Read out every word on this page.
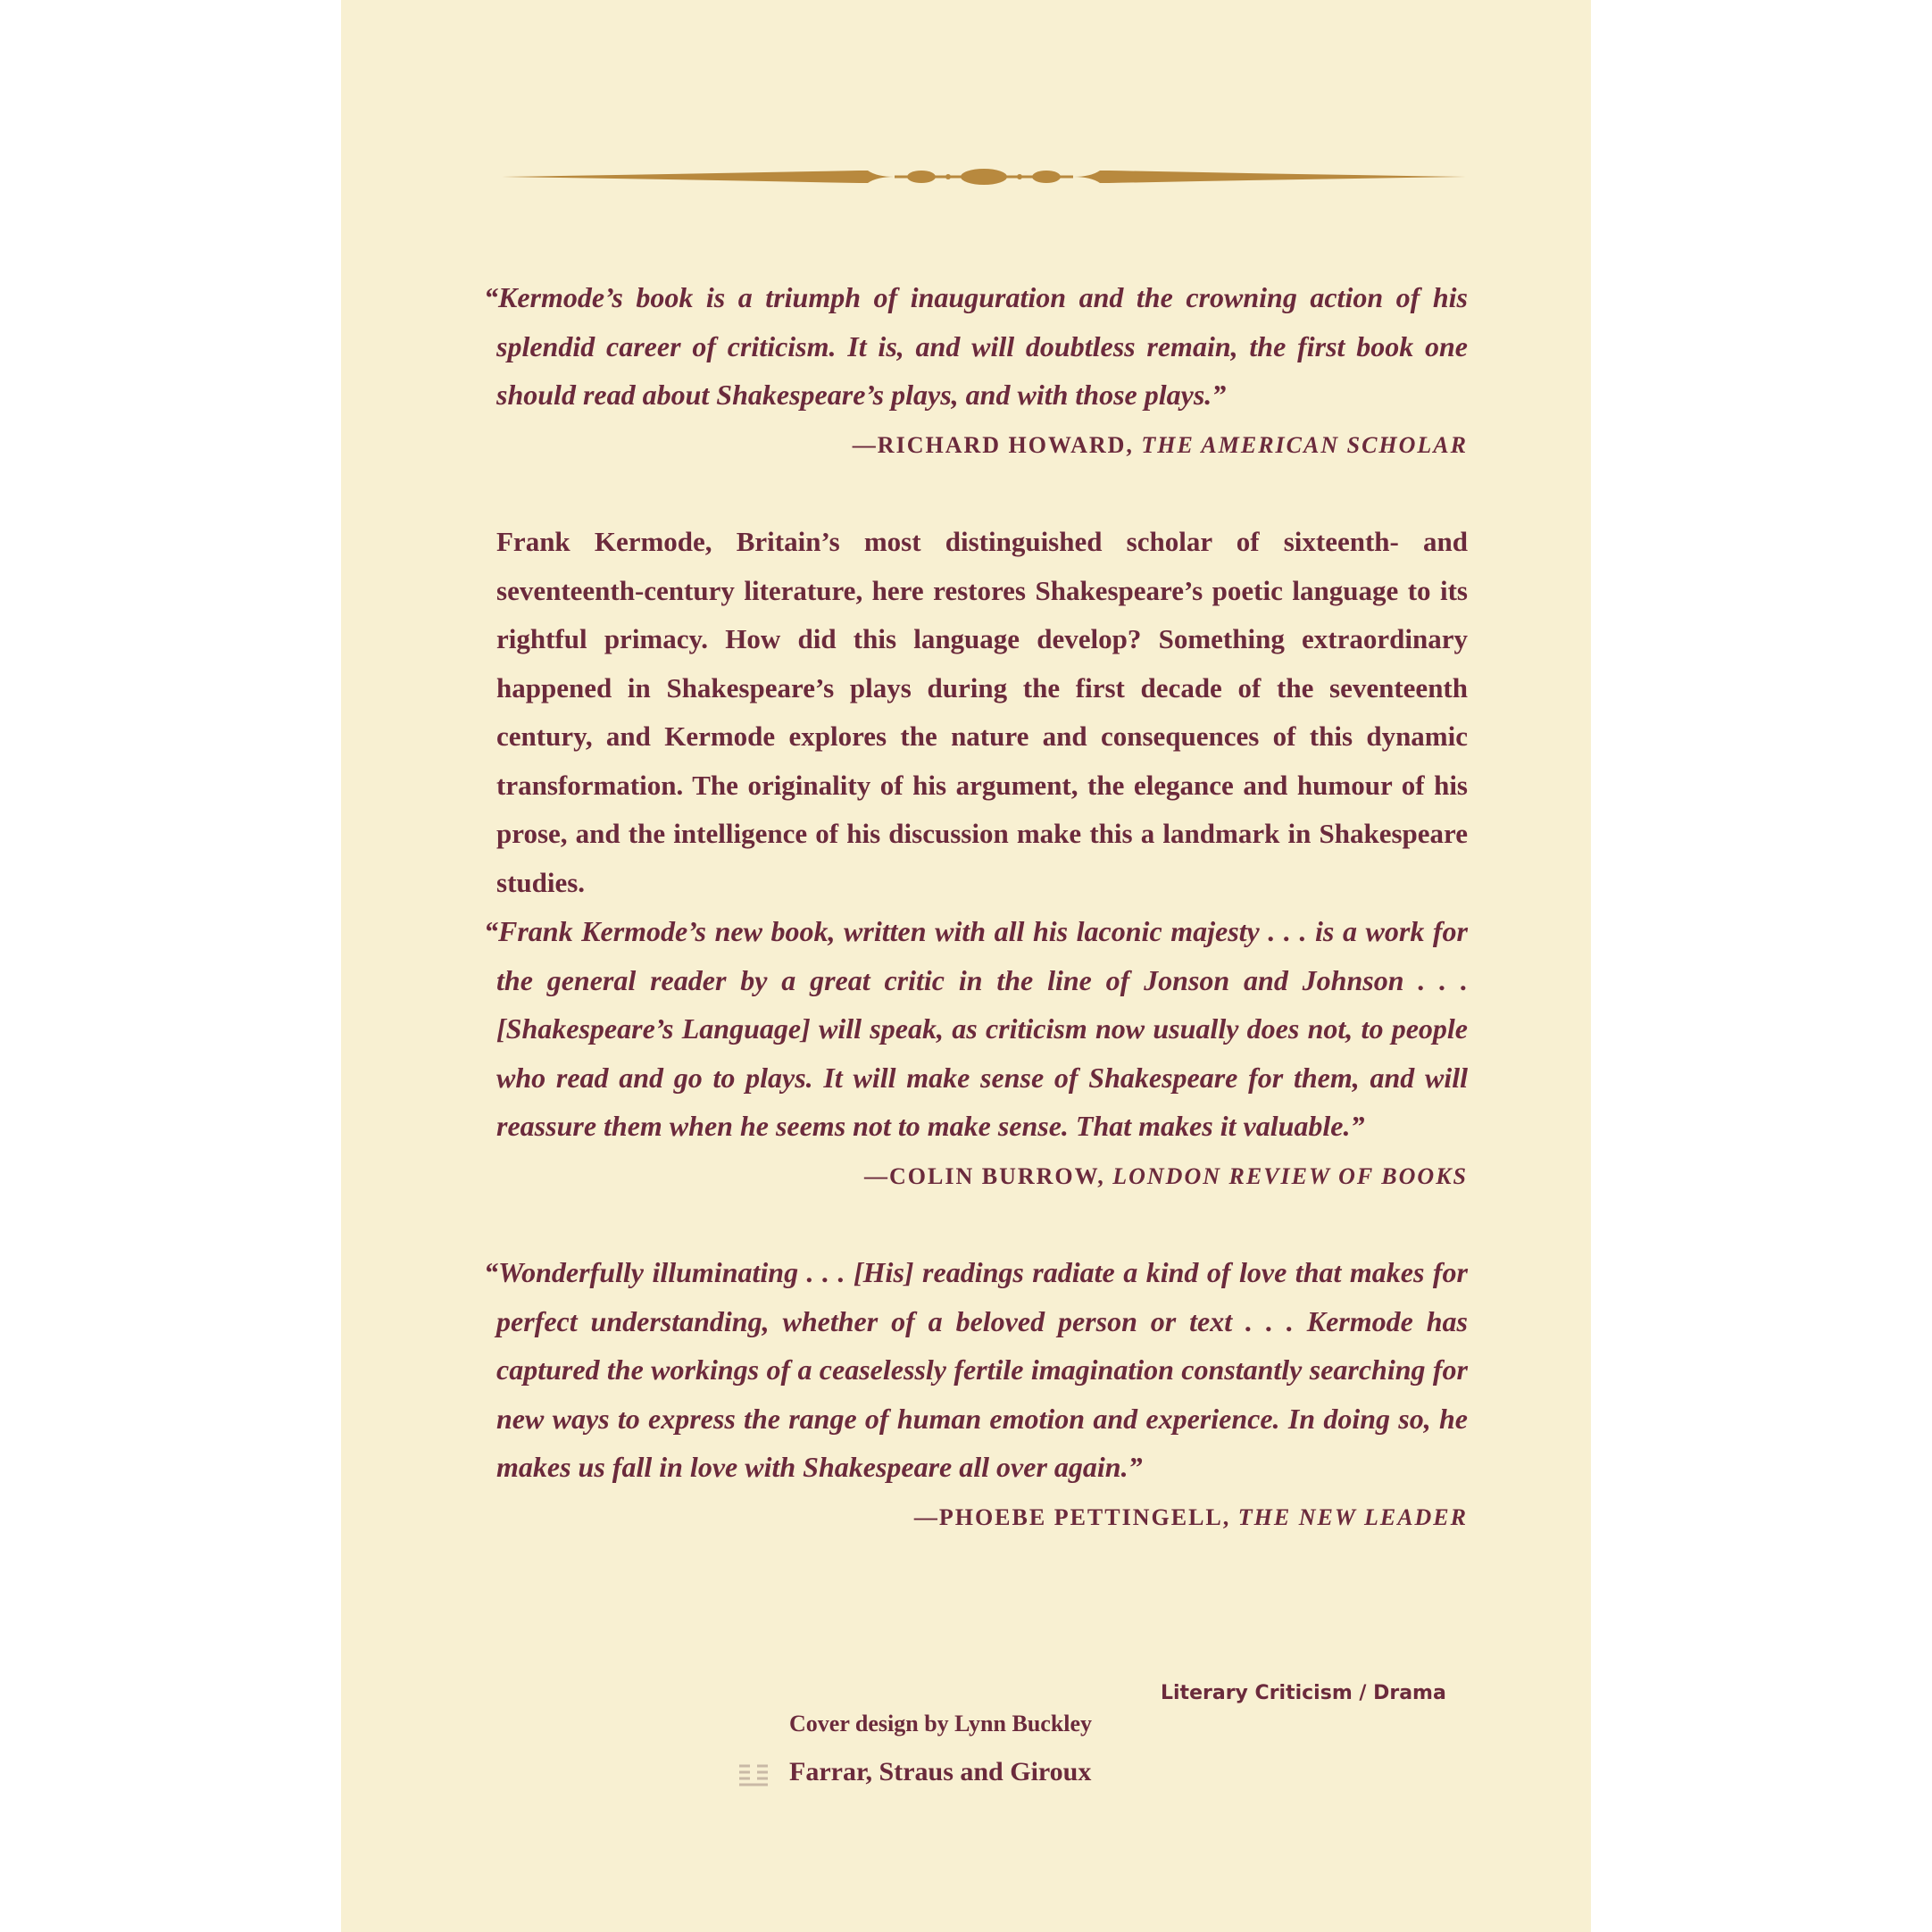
“Kermode’s book is a triumph of inauguration and the crowning action of his splendid career of criticism. It is, and will doubtless remain, the first book one should read about Shakespeare’s plays, and with those plays.”

—RICHARD HOWARD, THE AMERICAN SCHOLAR

Frank Kermode, Britain’s most distinguished scholar of sixteenth- and seventeenth-century literature, here restores Shakespeare’s poetic language to its rightful primacy. How did this language develop? Something extraordinary happened in Shakespeare’s plays during the first decade of the seventeenth century, and Kermode explores the nature and consequences of this dynamic transformation. The originality of his argument, the elegance and humour of his prose, and the intelligence of his discussion make this a landmark in Shakespeare studies.

“Frank Kermode’s new book, written with all his laconic majesty . . . is a work for the general reader by a great critic in the line of Jonson and Johnson . . . [Shakespeare’s Language] will speak, as criticism now usually does not, to people who read and go to plays. It will make sense of Shakespeare for them, and will reassure them when he seems not to make sense. That makes it valuable.”

—COLIN BURROW, LONDON REVIEW OF BOOKS

“Wonderfully illuminating . . . [His] readings radiate a kind of love that makes for perfect understanding, whether of a beloved person or text . . . Kermode has captured the workings of a ceaselessly fertile imagination constantly searching for new ways to express the range of human emotion and experience. In doing so, he makes us fall in love with Shakespeare all over again.”

—PHOEBE PETTINGELL, THE NEW LEADER
Literary Criticism / Drama
Cover design by Lynn Buckley
Farrar, Straus and Giroux
